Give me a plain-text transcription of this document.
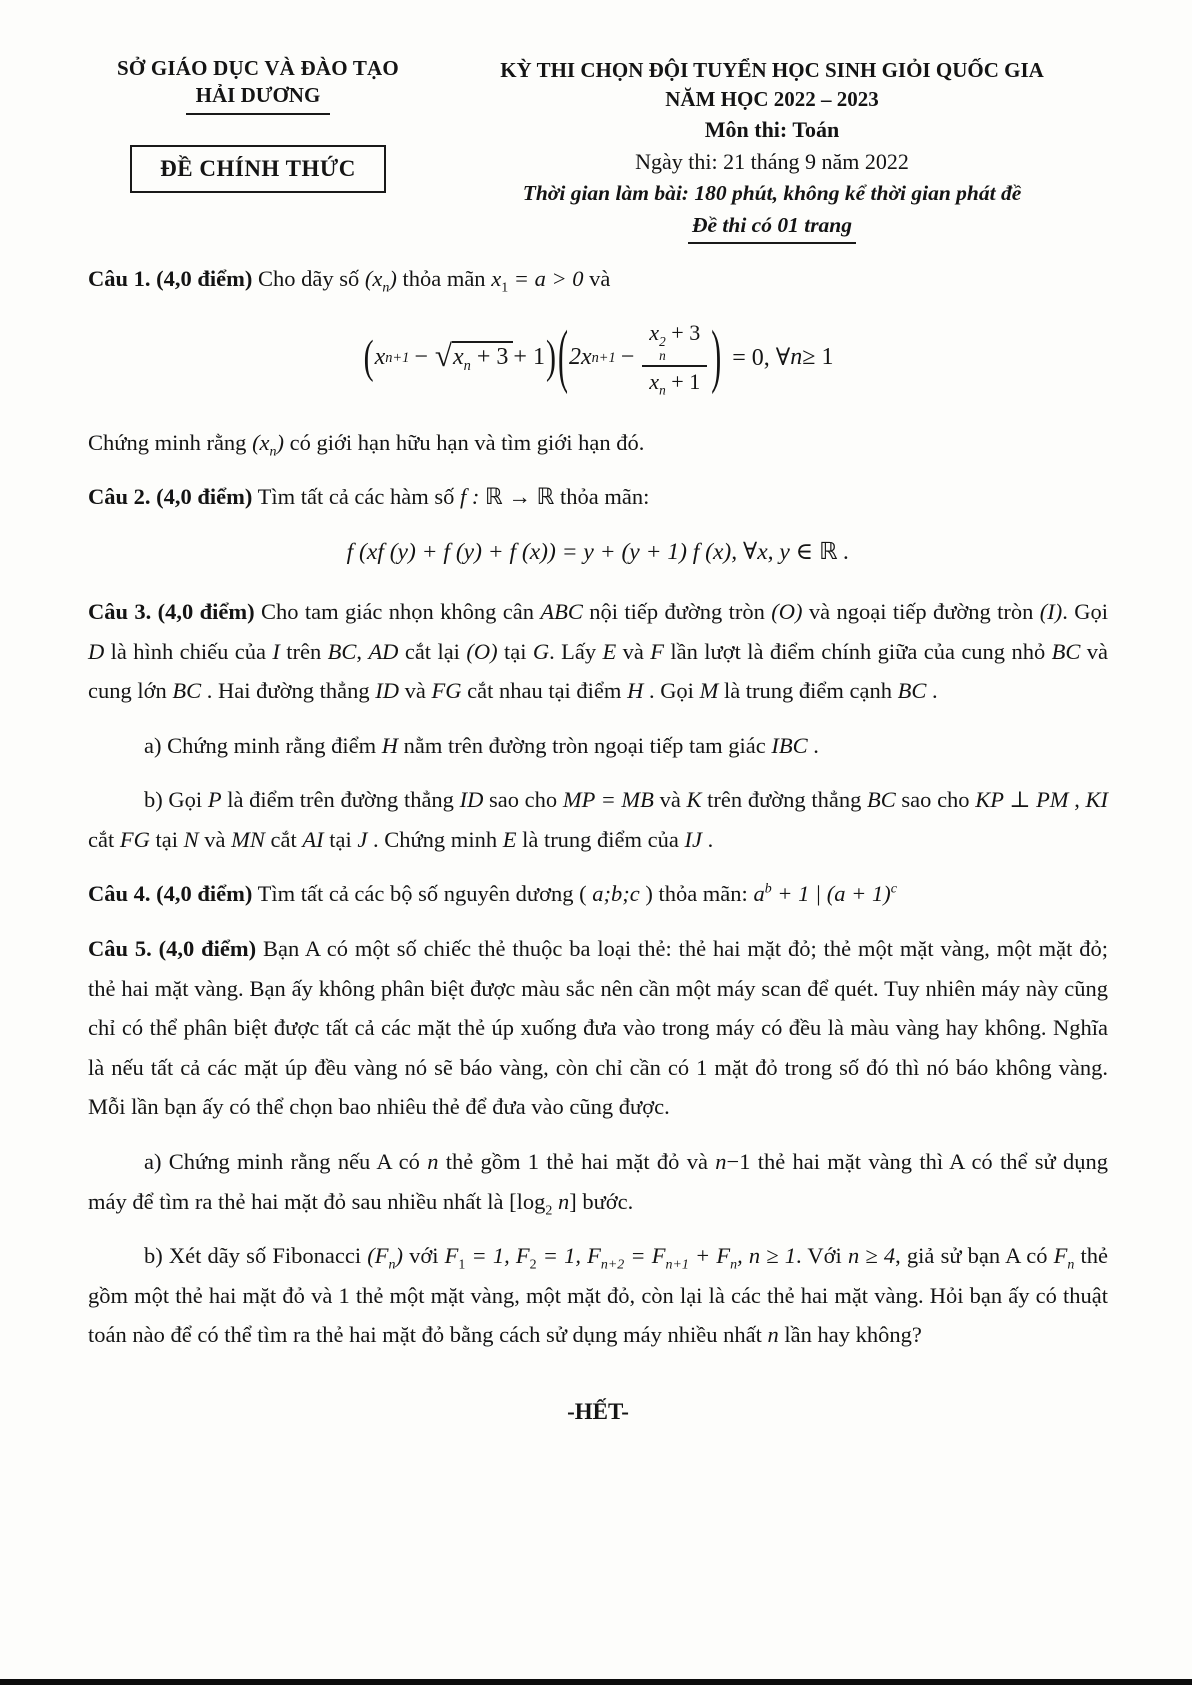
SỞ GIÁO DỤC VÀ ĐÀO TẠO
HẢI DƯƠNG
ĐỀ CHÍNH THỨC
KỲ THI CHỌN ĐỘI TUYỂN HỌC SINH GIỎI QUỐC GIA
NĂM HỌC 2022 – 2023
Môn thi: Toán
Ngày thi: 21 tháng 9 năm 2022
Thời gian làm bài: 180 phút, không kể thời gian phát đề
Đề thi có 01 trang

Câu 1. (4,0 điểm) Cho dãy số $(x_n)$ thỏa mãn $x_1 = a > 0$ và

( x n+1 − √ $x_n + 3 + 1$ ) ( 2x n+1 − x 2
n
+ 3
$x_n + 1$ ) = 0, ∀ n ≥ 1

Chứng minh rằng $(x_n)$ có giới hạn hữu hạn và tìm giới hạn đó.

Câu 2. (4,0 điểm) Tìm tất cả các hàm số f : ℝ → ℝ thỏa mãn:

f (xf (y) + f (y) + f (x)) = y + (y + 1) f (x), ∀x, y ∈ ℝ .

Câu 3. (4,0 điểm) Cho tam giác nhọn không cân ABC nội tiếp đường tròn (O) và ngoại tiếp đường tròn (I). Gọi D là hình chiếu của I trên BC, AD cắt lại (O) tại G. Lấy E và F lần lượt là điểm chính giữa của cung nhỏ BC và cung lớn BC . Hai đường thẳng ID và FG cắt nhau tại điểm H . Gọi M là trung điểm cạnh BC .

a) Chứng minh rằng điểm H nằm trên đường tròn ngoại tiếp tam giác IBC .

b) Gọi P là điểm trên đường thẳng ID sao cho MP = MB và K trên đường thẳng BC sao cho KP ⊥ PM , KI cắt FG tại N và MN cắt AI tại J . Chứng minh E là trung điểm của IJ .

Câu 4. (4,0 điểm) Tìm tất cả các bộ số nguyên dương ( a;b;c ) thỏa mãn: $a^b + 1$ | $(a + 1)^c$

Câu 5. (4,0 điểm) Bạn A có một số chiếc thẻ thuộc ba loại thẻ: thẻ hai mặt đỏ; thẻ một mặt vàng, một mặt đỏ; thẻ hai mặt vàng. Bạn ấy không phân biệt được màu sắc nên cần một máy scan để quét. Tuy nhiên máy này cũng chỉ có thể phân biệt được tất cả các mặt thẻ úp xuống đưa vào trong máy có đều là màu vàng hay không. Nghĩa là nếu tất cả các mặt úp đều vàng nó sẽ báo vàng, còn chỉ cần có 1 mặt đỏ trong số đó thì nó báo không vàng. Mỗi lần bạn ấy có thể chọn bao nhiêu thẻ để đưa vào cũng được.

a) Chứng minh rằng nếu A có n thẻ gồm 1 thẻ hai mặt đỏ và n−1 thẻ hai mặt vàng thì A có thể sử dụng máy để tìm ra thẻ hai mặt đỏ sau nhiều nhất là [$\log_2$ n] bước.

b) Xét dãy số Fibonacci $(F_n)$ với $F_1 = 1$, $F_2 = 1$, $F_{n+2} = F_{n+1} + F_n$, n ≥ 1. Với n ≥ 4, giả sử bạn A có $F_n$ thẻ gồm một thẻ hai mặt đỏ và 1 thẻ một mặt vàng, một mặt đỏ, còn lại là các thẻ hai mặt vàng. Hỏi bạn ấy có thuật toán nào để có thể tìm ra thẻ hai mặt đỏ bằng cách sử dụng máy nhiều nhất n lần hay không?

-HẾT-
